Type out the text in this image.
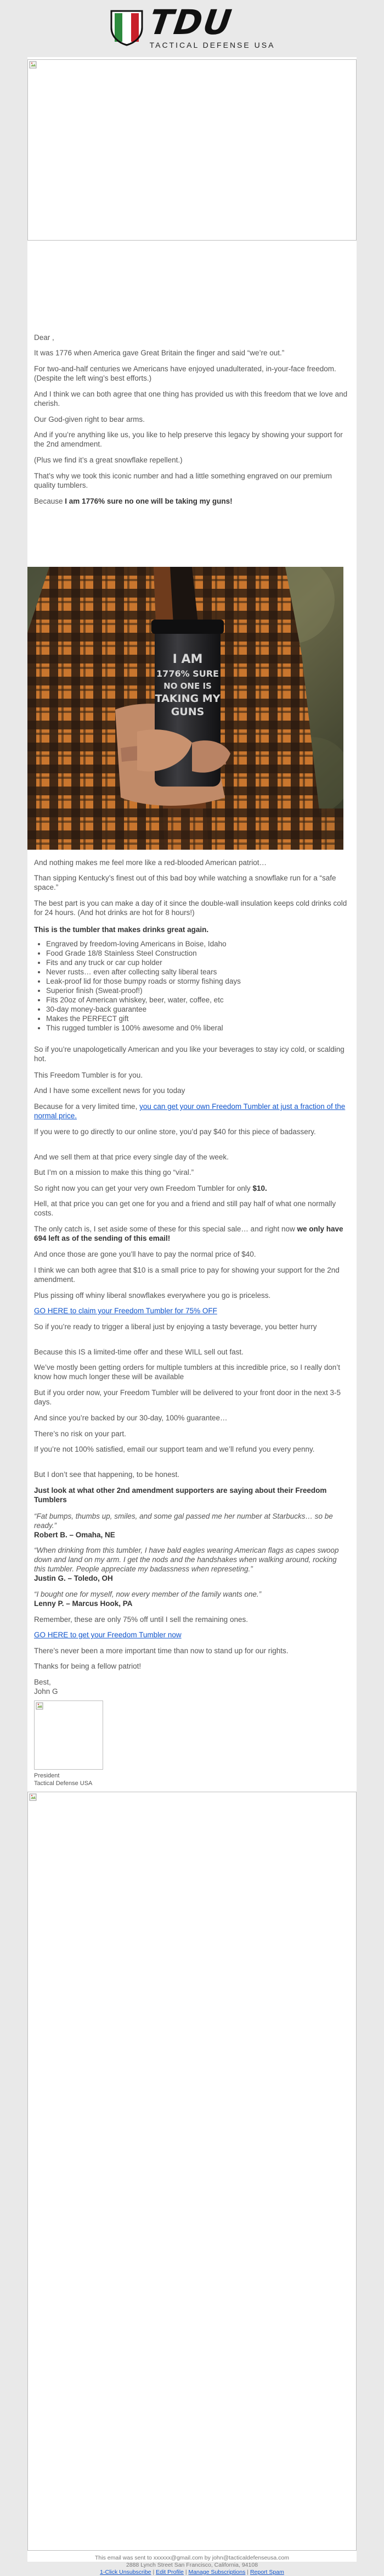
TDU
TACTICAL DEFENSE USA
Dear ,
It was 1776 when America gave Great Britain the finger and said “we’re out.”
For two-and-half centuries we Americans have enjoyed unadulterated, in-your-face freedom. (Despite the left wing’s best efforts.)
And I think we can both agree that one thing has provided us with this freedom that we love and cherish.
Our God-given right to bear arms.
And if you’re anything like us, you like to help preserve this legacy by showing your support for the 2nd amendment.
(Plus we find it’s a great snowflake repellent.)
That’s why we took this iconic number and had a little something engraved on our premium quality tumblers.
Because I am 1776% sure no one will be taking my guns!
I AM
1776% SURE
NO ONE IS
TAKING MY
GUNS
And nothing makes me feel more like a red-blooded American patriot…
Than sipping Kentucky’s finest out of this bad boy while watching a snowflake run for a “safe space.”
The best part is you can make a day of it since the double-wall insulation keeps cold drinks cold for 24 hours. (And hot drinks are hot for 8 hours!)
This is the tumbler that makes drinks great again.
• Engraved by freedom-loving Americans in Boise, Idaho
• Food Grade 18/8 Stainless Steel Construction
• Fits and any truck or car cup holder
• Never rusts… even after collecting salty liberal tears
• Leak-proof lid for those bumpy roads or stormy fishing days
• Superior finish (Sweat-proof!)
• Fits 20oz of American whiskey, beer, water, coffee, etc
• 30-day money-back guarantee
• Makes the PERFECT gift
• This rugged tumbler is 100% awesome and 0% liberal
So if you’re unapologetically American and you like your beverages to stay icy cold, or scalding hot.
This Freedom Tumbler is for you.
And I have some excellent news for you today
Because for a very limited time, you can get your own Freedom Tumbler at just a fraction of the normal price.
If you were to go directly to our online store, you’d pay $40 for this piece of badassery.
And we sell them at that price every single day of the week.
But I’m on a mission to make this thing go “viral.”
So right now you can get your very own Freedom Tumbler for only $10.
Hell, at that price you can get one for you and a friend and still pay half of what one normally costs.
The only catch is, I set aside some of these for this special sale… and right now we only have 694 left as of the sending of this email!
And once those are gone you’ll have to pay the normal price of $40.
I think we can both agree that $10 is a small price to pay for showing your support for the 2nd amendment.
Plus pissing off whiny liberal snowflakes everywhere you go is priceless.
GO HERE to claim your Freedom Tumbler for 75% OFF
So if you’re ready to trigger a liberal just by enjoying a tasty beverage, you better hurry
Because this IS a limited-time offer and these WILL sell out fast.
We’ve mostly been getting orders for multiple tumblers at this incredible price, so I really don’t know how much longer these will be available
But if you order now, your Freedom Tumbler will be delivered to your front door in the next 3-5 days.
And since you’re backed by our 30-day, 100% guarantee…
There’s no risk on your part.
If you’re not 100% satisfied, email our support team and we’ll refund you every penny.
But I don’t see that happening, to be honest.
Just look at what other 2nd amendment supporters are saying about their Freedom Tumblers
“Fat bumps, thumbs up, smiles, and some gal passed me her number at Starbucks… so be ready.”
Robert B. – Omaha, NE
“When drinking from this tumbler, I have bald eagles wearing American flags as capes swoop down and land on my arm. I get the nods and the handshakes when walking around, rocking this tumbler. People appreciate my badassness when represeting.”
Justin G. – Toledo, OH
“I bought one for myself, now every member of the family wants one.”
Lenny P. – Marcus Hook, PA
Remember, these are only 75% off until I sell the remaining ones.
GO HERE to get your Freedom Tumbler now
There’s never been a more important time than now to stand up for our rights.
Thanks for being a fellow patriot!
Best,
John G
President
Tactical Defense USA
This email was sent to xxxxxx@gmail.com by john@tacticaldefenseusa.com
2888 Lynch Street San Francisco, California, 94108
1-Click Unsubscribe | Edit Profile | Manage Subscriptions | Report Spam
